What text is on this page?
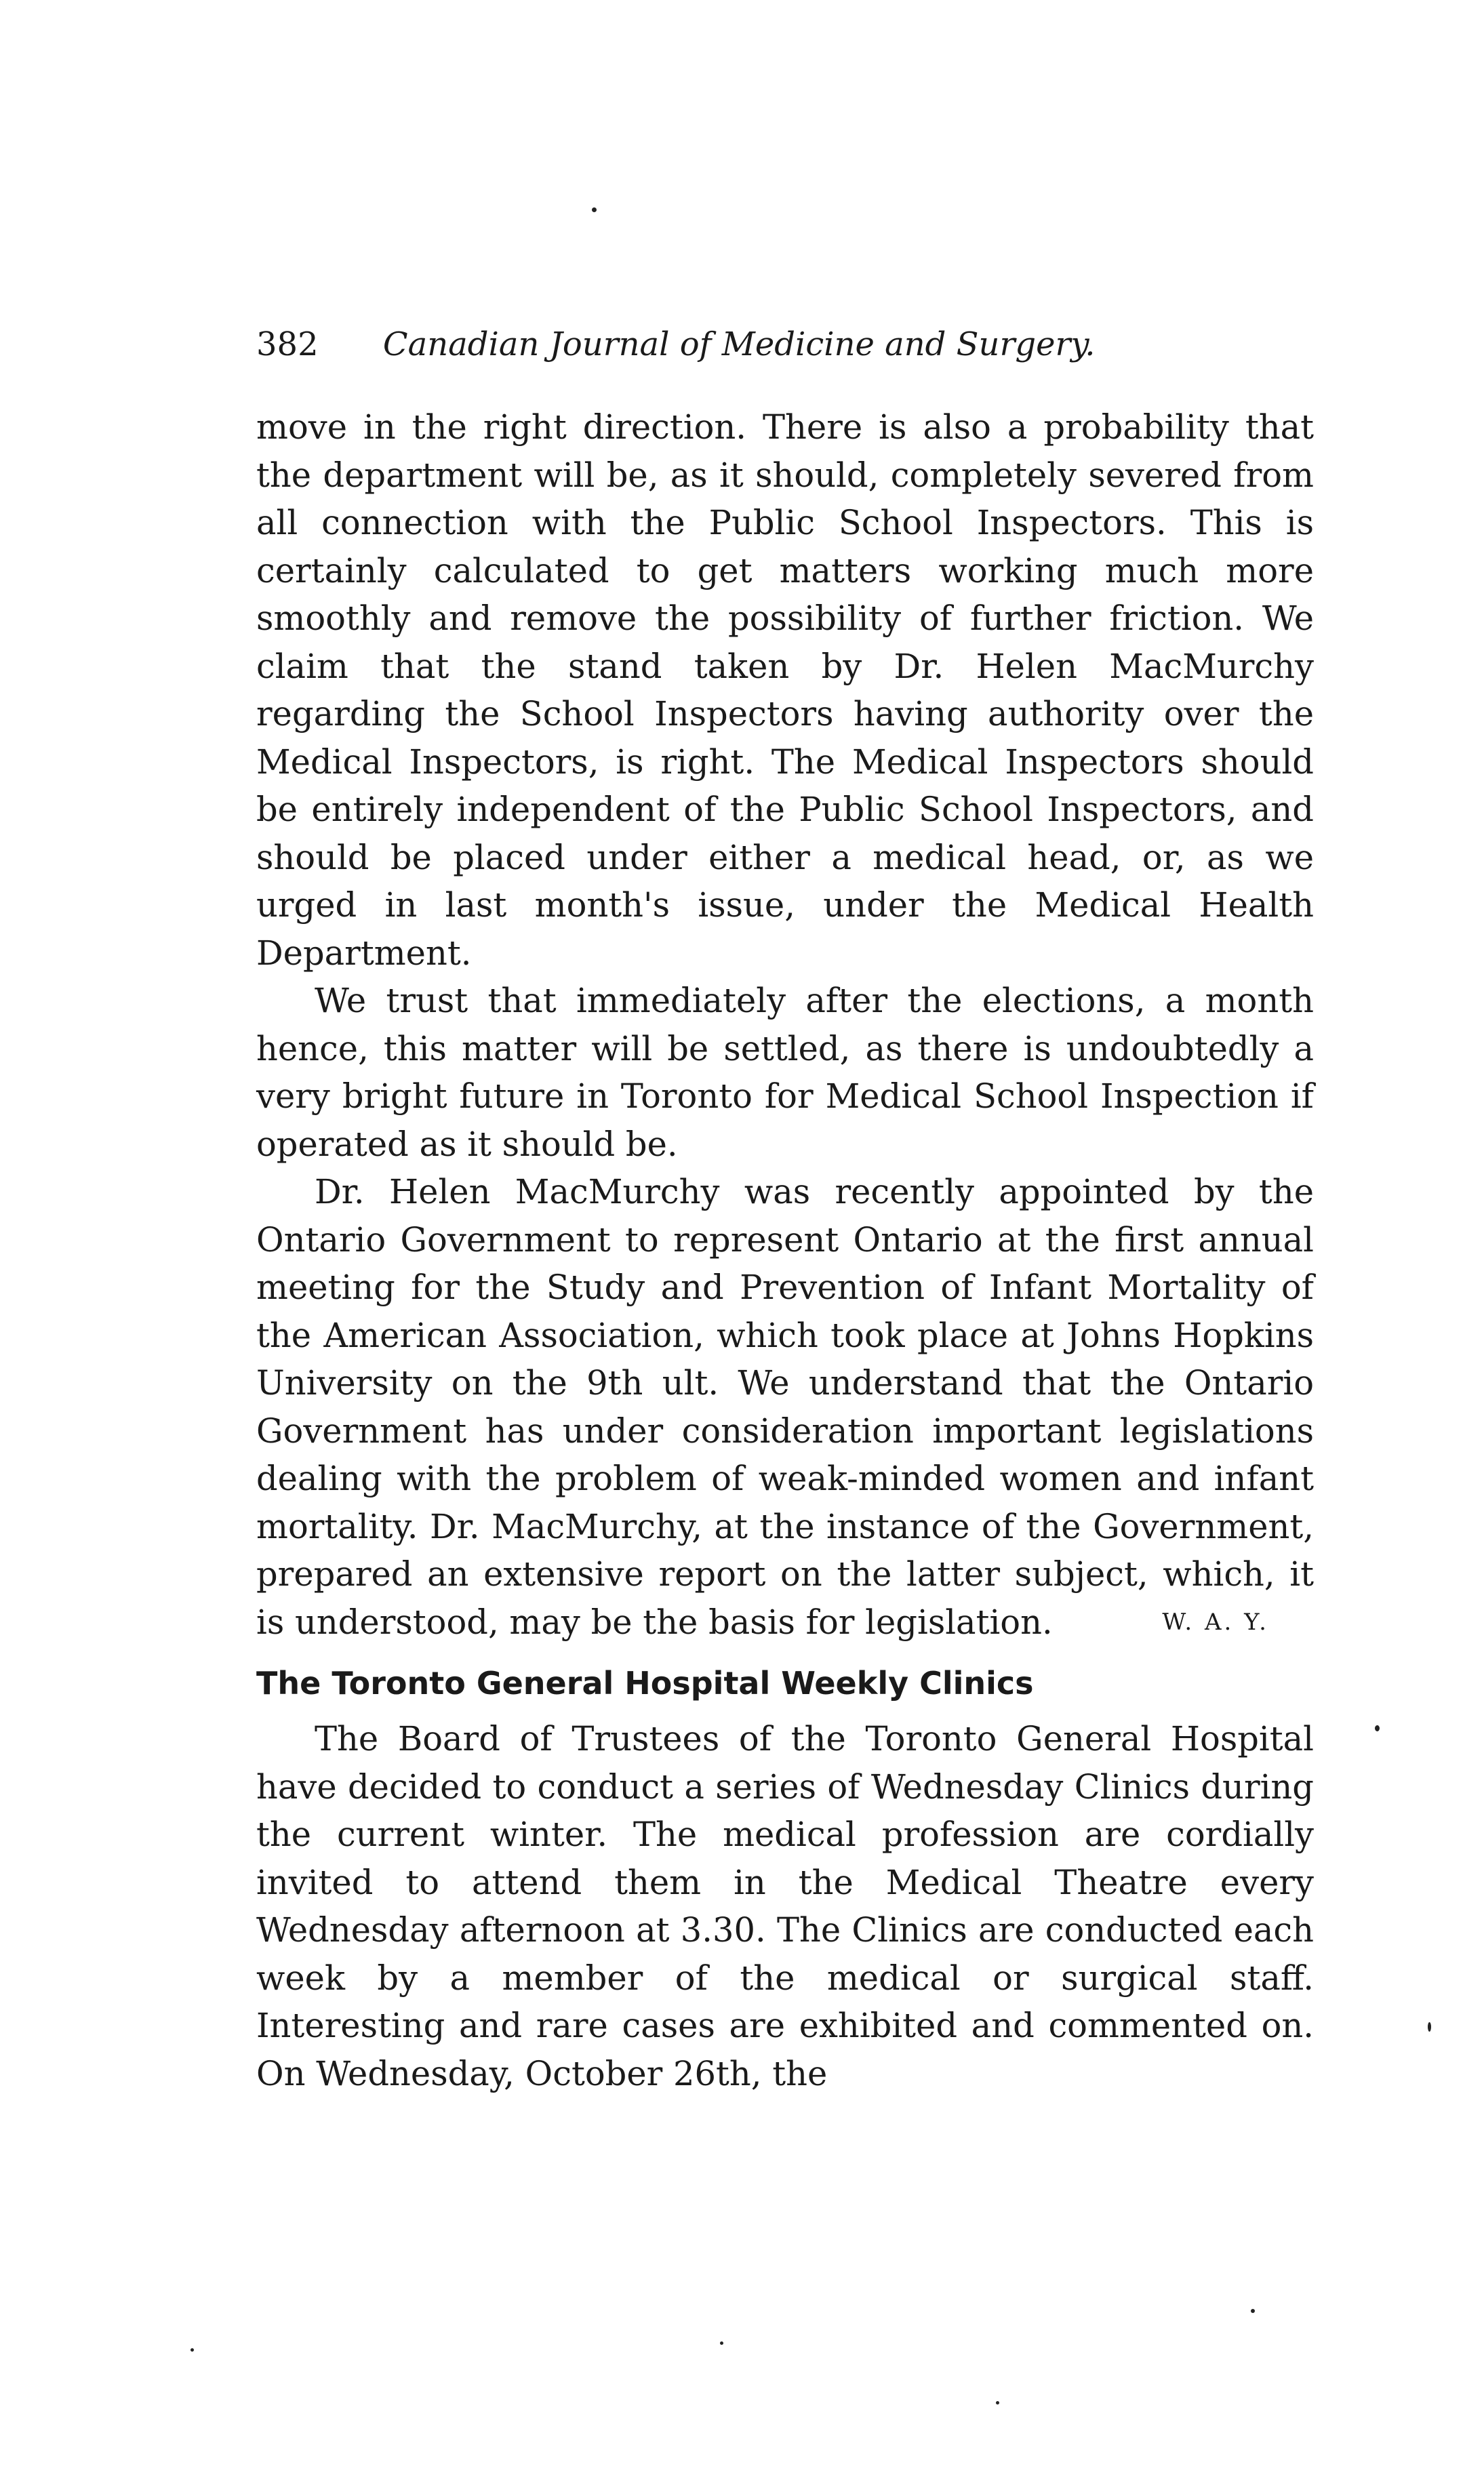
382 Canadian Journal of Medicine and Surgery.

move in the right direction. There is also a probability that the department will be, as it should, completely severed from all connection with the Public School Inspectors. This is certainly calculated to get matters working much more smoothly and remove the possibility of further friction. We claim that the stand taken by Dr. Helen MacMurchy regarding the School Inspectors having authority over the Medical Inspectors, is right. The Medical Inspectors should be entirely independent of the Public School Inspectors, and should be placed under either a medical head, or, as we urged in last month's issue, under the Medical Health Department.

We trust that immediately after the elections, a month hence, this matter will be settled, as there is undoubtedly a very bright future in Toronto for Medical School Inspection if operated as it should be.

Dr. Helen MacMurchy was recently appointed by the Ontario Government to represent Ontario at the first annual meeting for the Study and Prevention of Infant Mortality of the American Association, which took place at Johns Hopkins University on the 9th ult. We understand that the Ontario Government has under consideration important legislations dealing with the problem of weak-minded women and infant mortality. Dr. MacMurchy, at the instance of the Government, prepared an extensive report on the latter subject, which, it is understood, may be the basis for legislation.	W. A. Y.
The Toronto General Hospital Weekly Clinics

The Board of Trustees of the Toronto General Hospital have decided to conduct a series of Wednesday Clinics during the current winter. The medical profession are cordially invited to attend them in the Medical Theatre every Wednesday afternoon at 3.30. The Clinics are conducted each week by a member of the medical or surgical staff. Interesting and rare cases are exhibited and commented on. On Wednesday, October 26th, the
